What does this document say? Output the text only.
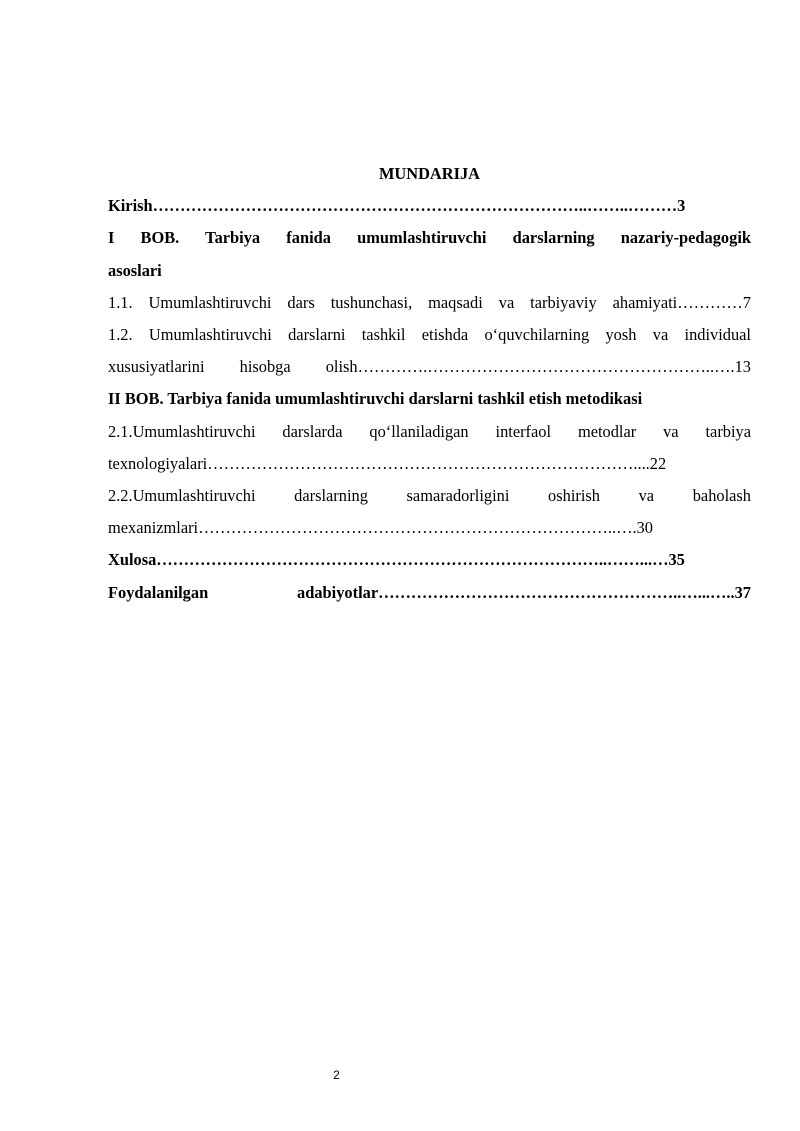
MUNDARIJA

Kirish……………………………………………………………………..……..………3

I BOB. Tarbiya fanida umumlashtiruvchi darslarning nazariy-pedagogik

asoslari

1.1. Umumlashtiruvchi dars tushunchasi, maqsadi va tarbiyaviy ahamiyati…………7

1.2. Umumlashtiruvchi darslarni tashkil etishda o‘quvchilarning yosh va individual

xususiyatlarini hisobga olish………….……………………………………………..….13

II BOB. Tarbiya fanida umumlashtiruvchi darslarni tashkil etish metodikasi

2.1.Umumlashtiruvchi darslarda qo‘llaniladigan interfaol metodlar va tarbiya

texnologiyalari……………………………………………………………………....22

2.2.Umumlashtiruvchi darslarning samaradorligini oshirish va baholash

mexanizmlari…………………………………………………………………..….30

Xulosa………………………………………………………………………..……...…35

Foydalanilgan adabiyotlar………………………………………………..…...…..37

2
